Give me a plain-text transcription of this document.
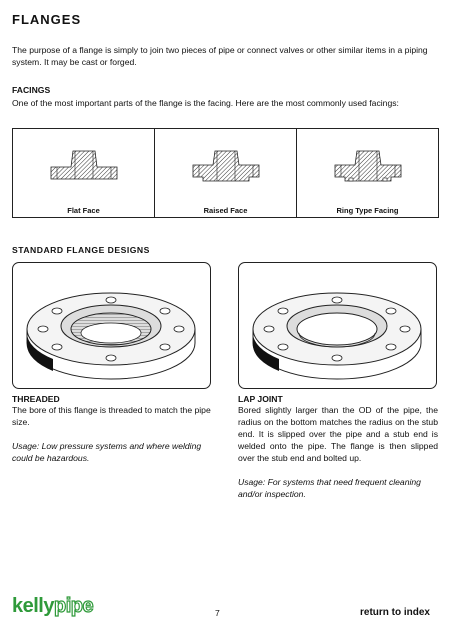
FLANGES
The purpose of a flange is simply to join two pieces of pipe or connect valves or other similar items in a piping system. It may be cast or forged.
FACINGS
One of the most important parts of the flange is the facing. Here are the most commonly used facings:
Flat Face	Raised Face	Ring Type Facing
STANDARD FLANGE DESIGNS
THREADED
The bore of this flange is threaded to match the pipe size.
Usage: Low pressure systems and where welding could be hazardous.
LAP JOINT
Bored slightly larger than the OD of the pipe, the radius on the bottom matches the radius on the stub end. It is slipped over the pipe and a stub end is welded onto the pipe. The flange is then slipped over the stub end and bolted up.
Usage: For systems that need frequent cleaning and/or inspection.
kellypipe	7	return to index
